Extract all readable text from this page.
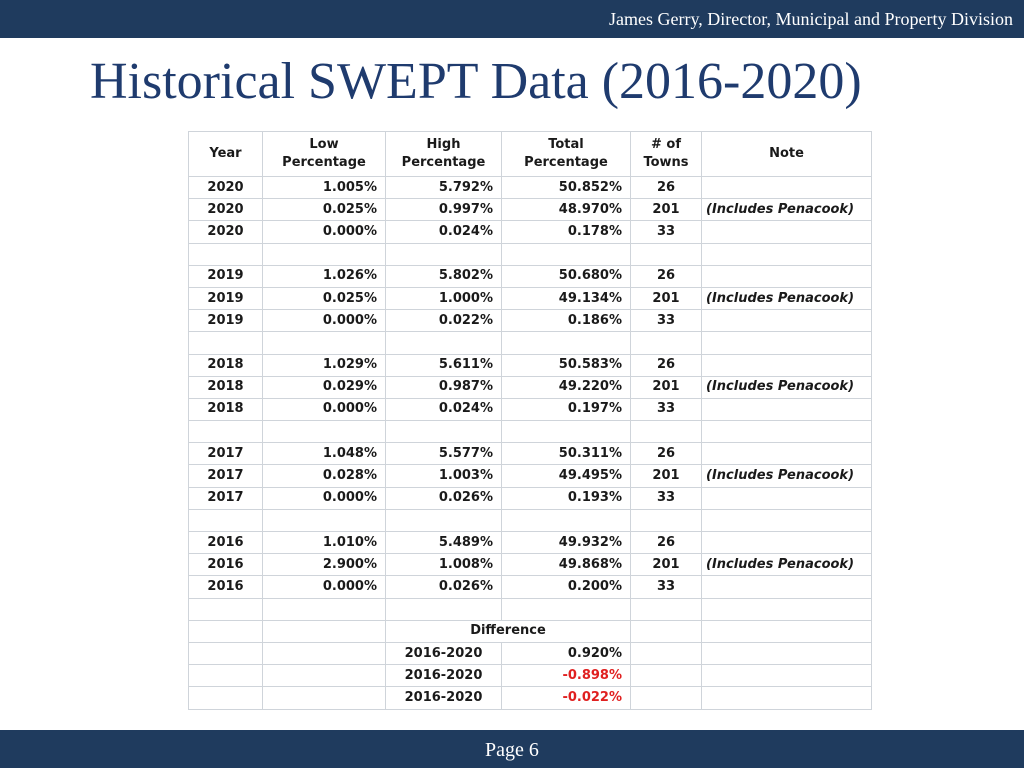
James Gerry, Director, Municipal and Property Division
Historical SWEPT Data (2016-2020)
Year	Low Percentage	High Percentage	Total Percentage	# of Towns	Note
2020	1.005%	5.792%	50.852%	26	
2020	0.025%	0.997%	48.970%	201	(Includes Penacook)
2020	0.000%	0.024%	0.178%	33	

2019	1.026%	5.802%	50.680%	26	
2019	0.025%	1.000%	49.134%	201	(Includes Penacook)
2019	0.000%	0.022%	0.186%	33	

2018	1.029%	5.611%	50.583%	26	
2018	0.029%	0.987%	49.220%	201	(Includes Penacook)
2018	0.000%	0.024%	0.197%	33	

2017	1.048%	5.577%	50.311%	26	
2017	0.028%	1.003%	49.495%	201	(Includes Penacook)
2017	0.000%	0.026%	0.193%	33	

2016	1.010%	5.489%	49.932%	26	
2016	2.900%	1.008%	49.868%	201	(Includes Penacook)
2016	0.000%	0.026%	0.200%	33	

		Difference			
		2016-2020	0.920%		
		2016-2020	-0.898%		
		2016-2020	-0.022%		
Page 6
